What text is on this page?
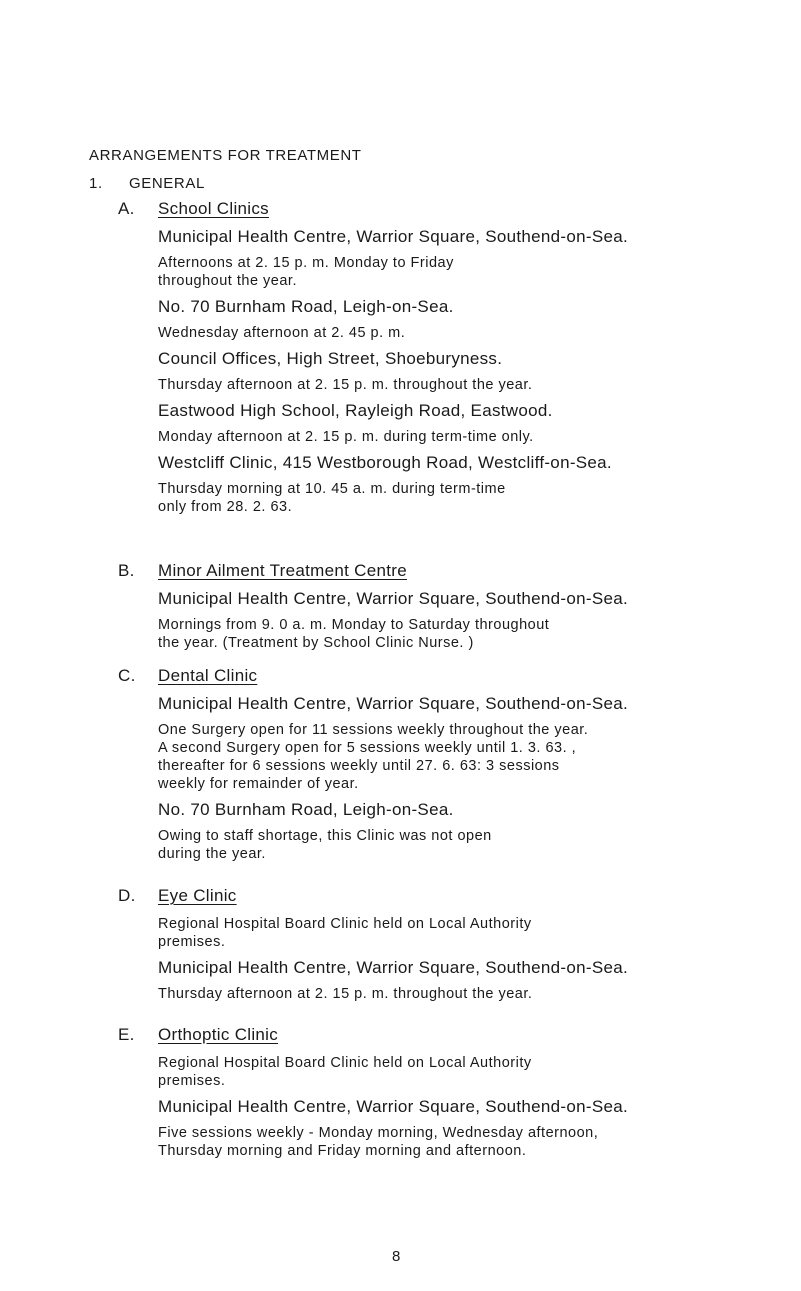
ARRANGEMENTS FOR TREATMENT
1. GENERAL
A. School Clinics
Municipal Health Centre, Warrior Square, Southend-on-Sea.
Afternoons at 2. 15 p. m. Monday to Friday
throughout the year.
No. 70 Burnham Road, Leigh-on-Sea.
Wednesday afternoon at 2. 45 p. m.
Council Offices, High Street, Shoeburyness.
Thursday afternoon at 2. 15 p. m. throughout the year.
Eastwood High School, Rayleigh Road, Eastwood.
Monday afternoon at 2. 15 p. m. during term-time only.
Westcliff Clinic, 415 Westborough Road, Westcliff-on-Sea.
Thursday morning at 10. 45 a. m. during term-time
only from 28. 2. 63.
B. Minor Ailment Treatment Centre
Municipal Health Centre, Warrior Square, Southend-on-Sea.
Mornings from 9. 0 a. m. Monday to Saturday throughout
the year. (Treatment by School Clinic Nurse. )
C. Dental Clinic
Municipal Health Centre, Warrior Square, Southend-on-Sea.
One Surgery open for 11 sessions weekly throughout the year.
A second Surgery open for 5 sessions weekly until 1. 3. 63. ,
thereafter for 6 sessions weekly until 27. 6. 63: 3 sessions
weekly for remainder of year.
No. 70 Burnham Road, Leigh-on-Sea.
Owing to staff shortage, this Clinic was not open
during the year.
D. Eye Clinic
Regional Hospital Board Clinic held on Local Authority
premises.
Municipal Health Centre, Warrior Square, Southend-on-Sea.
Thursday afternoon at 2. 15 p. m. throughout the year.
E. Orthoptic Clinic
Regional Hospital Board Clinic held on Local Authority
premises.
Municipal Health Centre, Warrior Square, Southend-on-Sea.
Five sessions weekly - Monday morning, Wednesday afternoon,
Thursday morning and Friday morning and afternoon.
8
